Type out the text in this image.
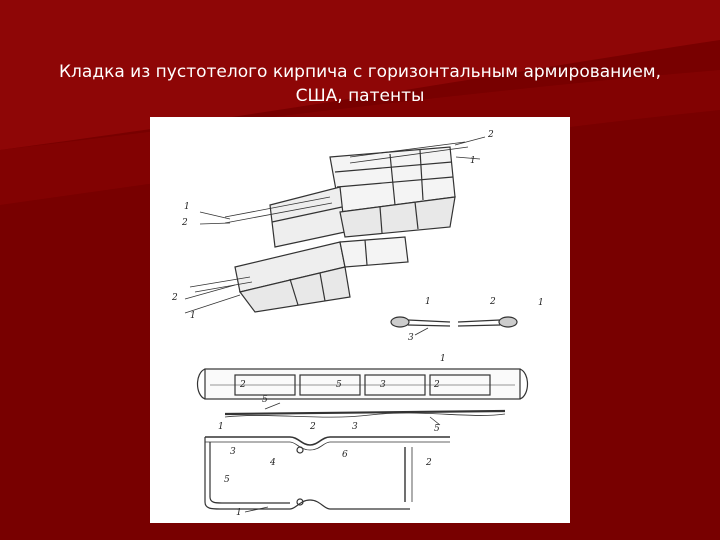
Кладка из пустотелого кирпича с горизонтальным армированием,
США, патенты
2
1
1
2
2
1
1	2	1
3
1
2	5	3	2
5
1	2	3	5
3
4
6
2
5
1
